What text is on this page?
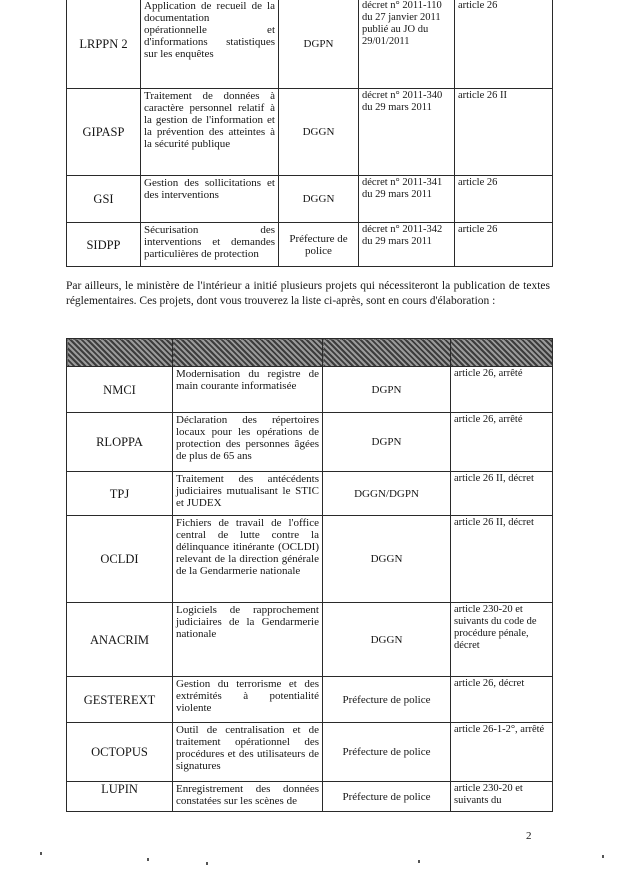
LRPPN 2	Application de recueil de la documentation opérationnelle et d'informations statistiques sur les enquêtes	DGPN	décret n° 2011-110 du 27 janvier 2011 publié au JO du 29/01/2011	article 26
GIPASP	Traitement de données à caractère personnel relatif à la gestion de l'information et la prévention des atteintes à la sécurité publique	DGGN	décret n° 2011-340 du 29 mars 2011	article 26 II
GSI	Gestion des sollicitations et des interventions	DGGN	décret n° 2011-341 du 29 mars 2011	article 26
SIDPP	Sécurisation des interventions et demandes particulières de protection	Préfecture de police	décret n° 2011-342 du 29 mars 2011	article 26

Par ailleurs, le ministère de l'intérieur a initié plusieurs projets qui nécessiteront la publication de textes réglementaires. Ces projets, dont vous trouverez la liste ci-après, sont en cours d'élaboration :

NMCI	Modernisation du registre de main courante informatisée	DGPN	article 26, arrêté
RLOPPA	Déclaration des répertoires locaux pour les opérations de protection des personnes âgées de plus de 65 ans	DGPN	article 26, arrêté
TPJ	Traitement des antécédents judiciaires mutualisant le STIC et JUDEX	DGGN/DGPN	article 26 II, décret
OCLDI	Fichiers de travail de l'office central de lutte contre la délinquance itinérante (OCLDI) relevant de la direction générale de la Gendarmerie nationale	DGGN	article 26 II, décret
ANACRIM	Logiciels de rapprochement judiciaires de la Gendarmerie nationale	DGGN	article 230-20 et suivants du code de procédure pénale, décret
GESTEREXT	Gestion du terrorisme et des extrémités à potentialité violente	Préfecture de police	article 26, décret
OCTOPUS	Outil de centralisation et de traitement opérationnel des procédures et des utilisateurs de signatures	Préfecture de police	article 26-1-2°, arrêté
LUPIN	Enregistrement des données constatées sur les scènes de	Préfecture de police	article 230-20 et suivants du
2
